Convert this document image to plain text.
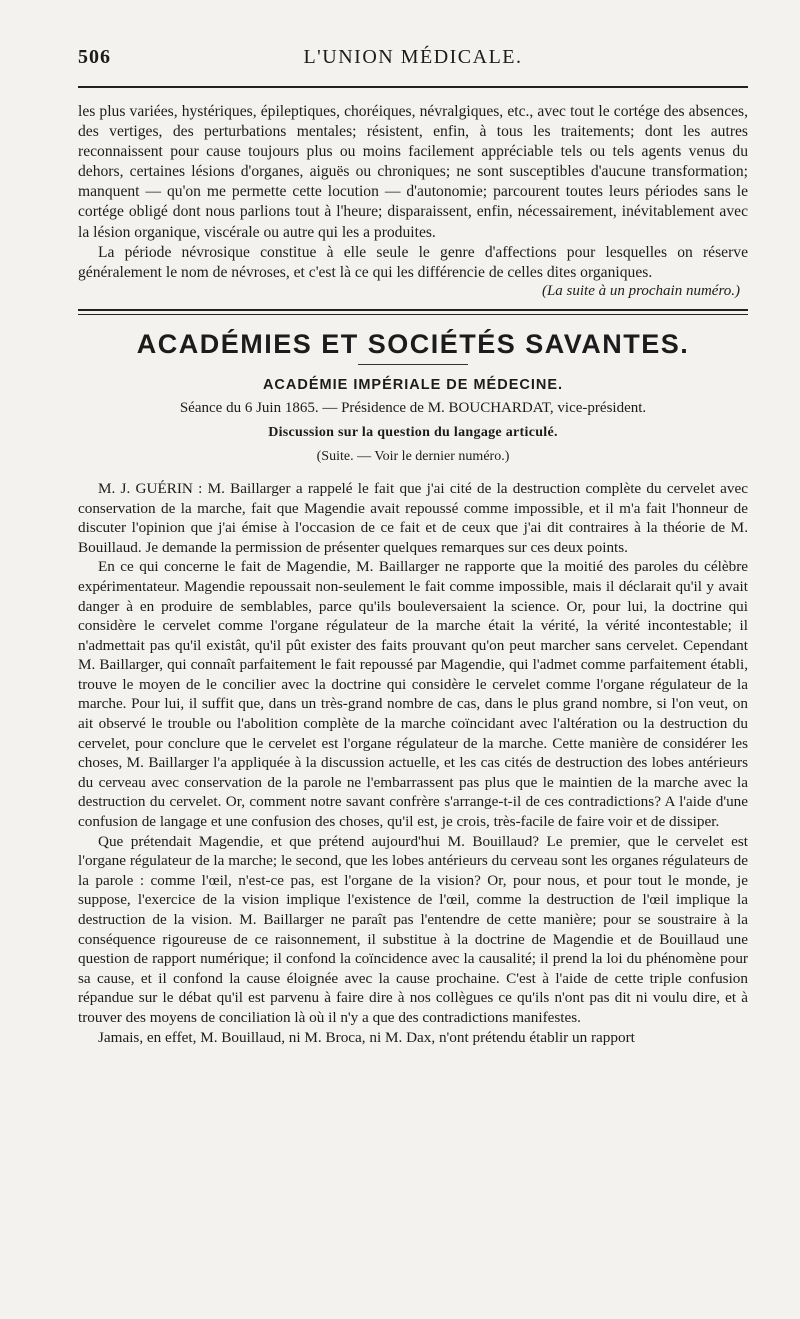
506	L'UNION MÉDICALE.

les plus variées, hystériques, épileptiques, choréiques, névralgiques, etc., avec tout le cortége des absences, des vertiges, des perturbations mentales; résistent, enfin, à tous les traitements; dont les autres reconnaissent pour cause toujours plus ou moins facilement appréciable tels ou tels agents venus du dehors, certaines lésions d'organes, aiguës ou chroniques; ne sont susceptibles d'aucune transformation; manquent — qu'on me permette cette locution — d'autonomie; parcourent toutes leurs périodes sans le cortége obligé dont nous parlions tout à l'heure; disparaissent, enfin, nécessairement, inévitablement avec la lésion organique, viscérale ou autre qui les a produites.

La période névrosique constitue à elle seule le genre d'affections pour lesquelles on réserve généralement le nom de névroses, et c'est là ce qui les différencie de celles dites organiques.

(La suite à un prochain numéro.)

ACADÉMIES ET SOCIÉTÉS SAVANTES.
ACADÉMIE IMPÉRIALE DE MÉDECINE.
Séance du 6 Juin 1865. — Présidence de M. BOUCHARDAT, vice-président.
Discussion sur la question du langage articulé.
(Suite. — Voir le dernier numéro.)

M. J. GUÉRIN : M. Baillarger a rappelé le fait que j'ai cité de la destruction complète du cervelet avec conservation de la marche, fait que Magendie avait repoussé comme impossible, et il m'a fait l'honneur de discuter l'opinion que j'ai émise à l'occasion de ce fait et de ceux que j'ai dit contraires à la théorie de M. Bouillaud. Je demande la permission de présenter quelques remarques sur ces deux points.

En ce qui concerne le fait de Magendie, M. Baillarger ne rapporte que la moitié des paroles du célèbre expérimentateur. Magendie repoussait non-seulement le fait comme impossible, mais il déclarait qu'il y avait danger à en produire de semblables, parce qu'ils bouleversaient la science. Or, pour lui, la doctrine qui considère le cervelet comme l'organe régulateur de la marche était la vérité, la vérité incontestable; il n'admettait pas qu'il existât, qu'il pût exister des faits prouvant qu'on peut marcher sans cervelet. Cependant M. Baillarger, qui connaît parfaitement le fait repoussé par Magendie, qui l'admet comme parfaitement établi, trouve le moyen de le concilier avec la doctrine qui considère le cervelet comme l'organe régulateur de la marche. Pour lui, il suffit que, dans un très-grand nombre de cas, dans le plus grand nombre, si l'on veut, on ait observé le trouble ou l'abolition complète de la marche coïncidant avec l'altération ou la destruction du cervelet, pour conclure que le cervelet est l'organe régulateur de la marche. Cette manière de considérer les choses, M. Baillarger l'a appliquée à la discussion actuelle, et les cas cités de destruction des lobes antérieurs du cerveau avec conservation de la parole ne l'embarrassent pas plus que le maintien de la marche avec la destruction du cervelet. Or, comment notre savant confrère s'arrange-t-il de ces contradictions? A l'aide d'une confusion de langage et une confusion des choses, qu'il est, je crois, très-facile de faire voir et de dissiper.

Que prétendait Magendie, et que prétend aujourd'hui M. Bouillaud? Le premier, que le cervelet est l'organe régulateur de la marche; le second, que les lobes antérieurs du cerveau sont les organes régulateurs de la parole : comme l'œil, n'est-ce pas, est l'organe de la vision? Or, pour nous, et pour tout le monde, je suppose, l'exercice de la vision implique l'existence de l'œil, comme la destruction de l'œil implique la destruction de la vision. M. Baillarger ne paraît pas l'entendre de cette manière; pour se soustraire à la conséquence rigoureuse de ce raisonnement, il substitue à la doctrine de Magendie et de Bouillaud une question de rapport numérique; il confond la coïncidence avec la causalité; il prend la loi du phénomène pour sa cause, et il confond la cause éloignée avec la cause prochaine. C'est à l'aide de cette triple confusion répandue sur le débat qu'il est parvenu à faire dire à nos collègues ce qu'ils n'ont pas dit ni voulu dire, et à trouver des moyens de conciliation là où il n'y a que des contradictions manifestes.

Jamais, en effet, M. Bouillaud, ni M. Broca, ni M. Dax, n'ont prétendu établir un rapport
